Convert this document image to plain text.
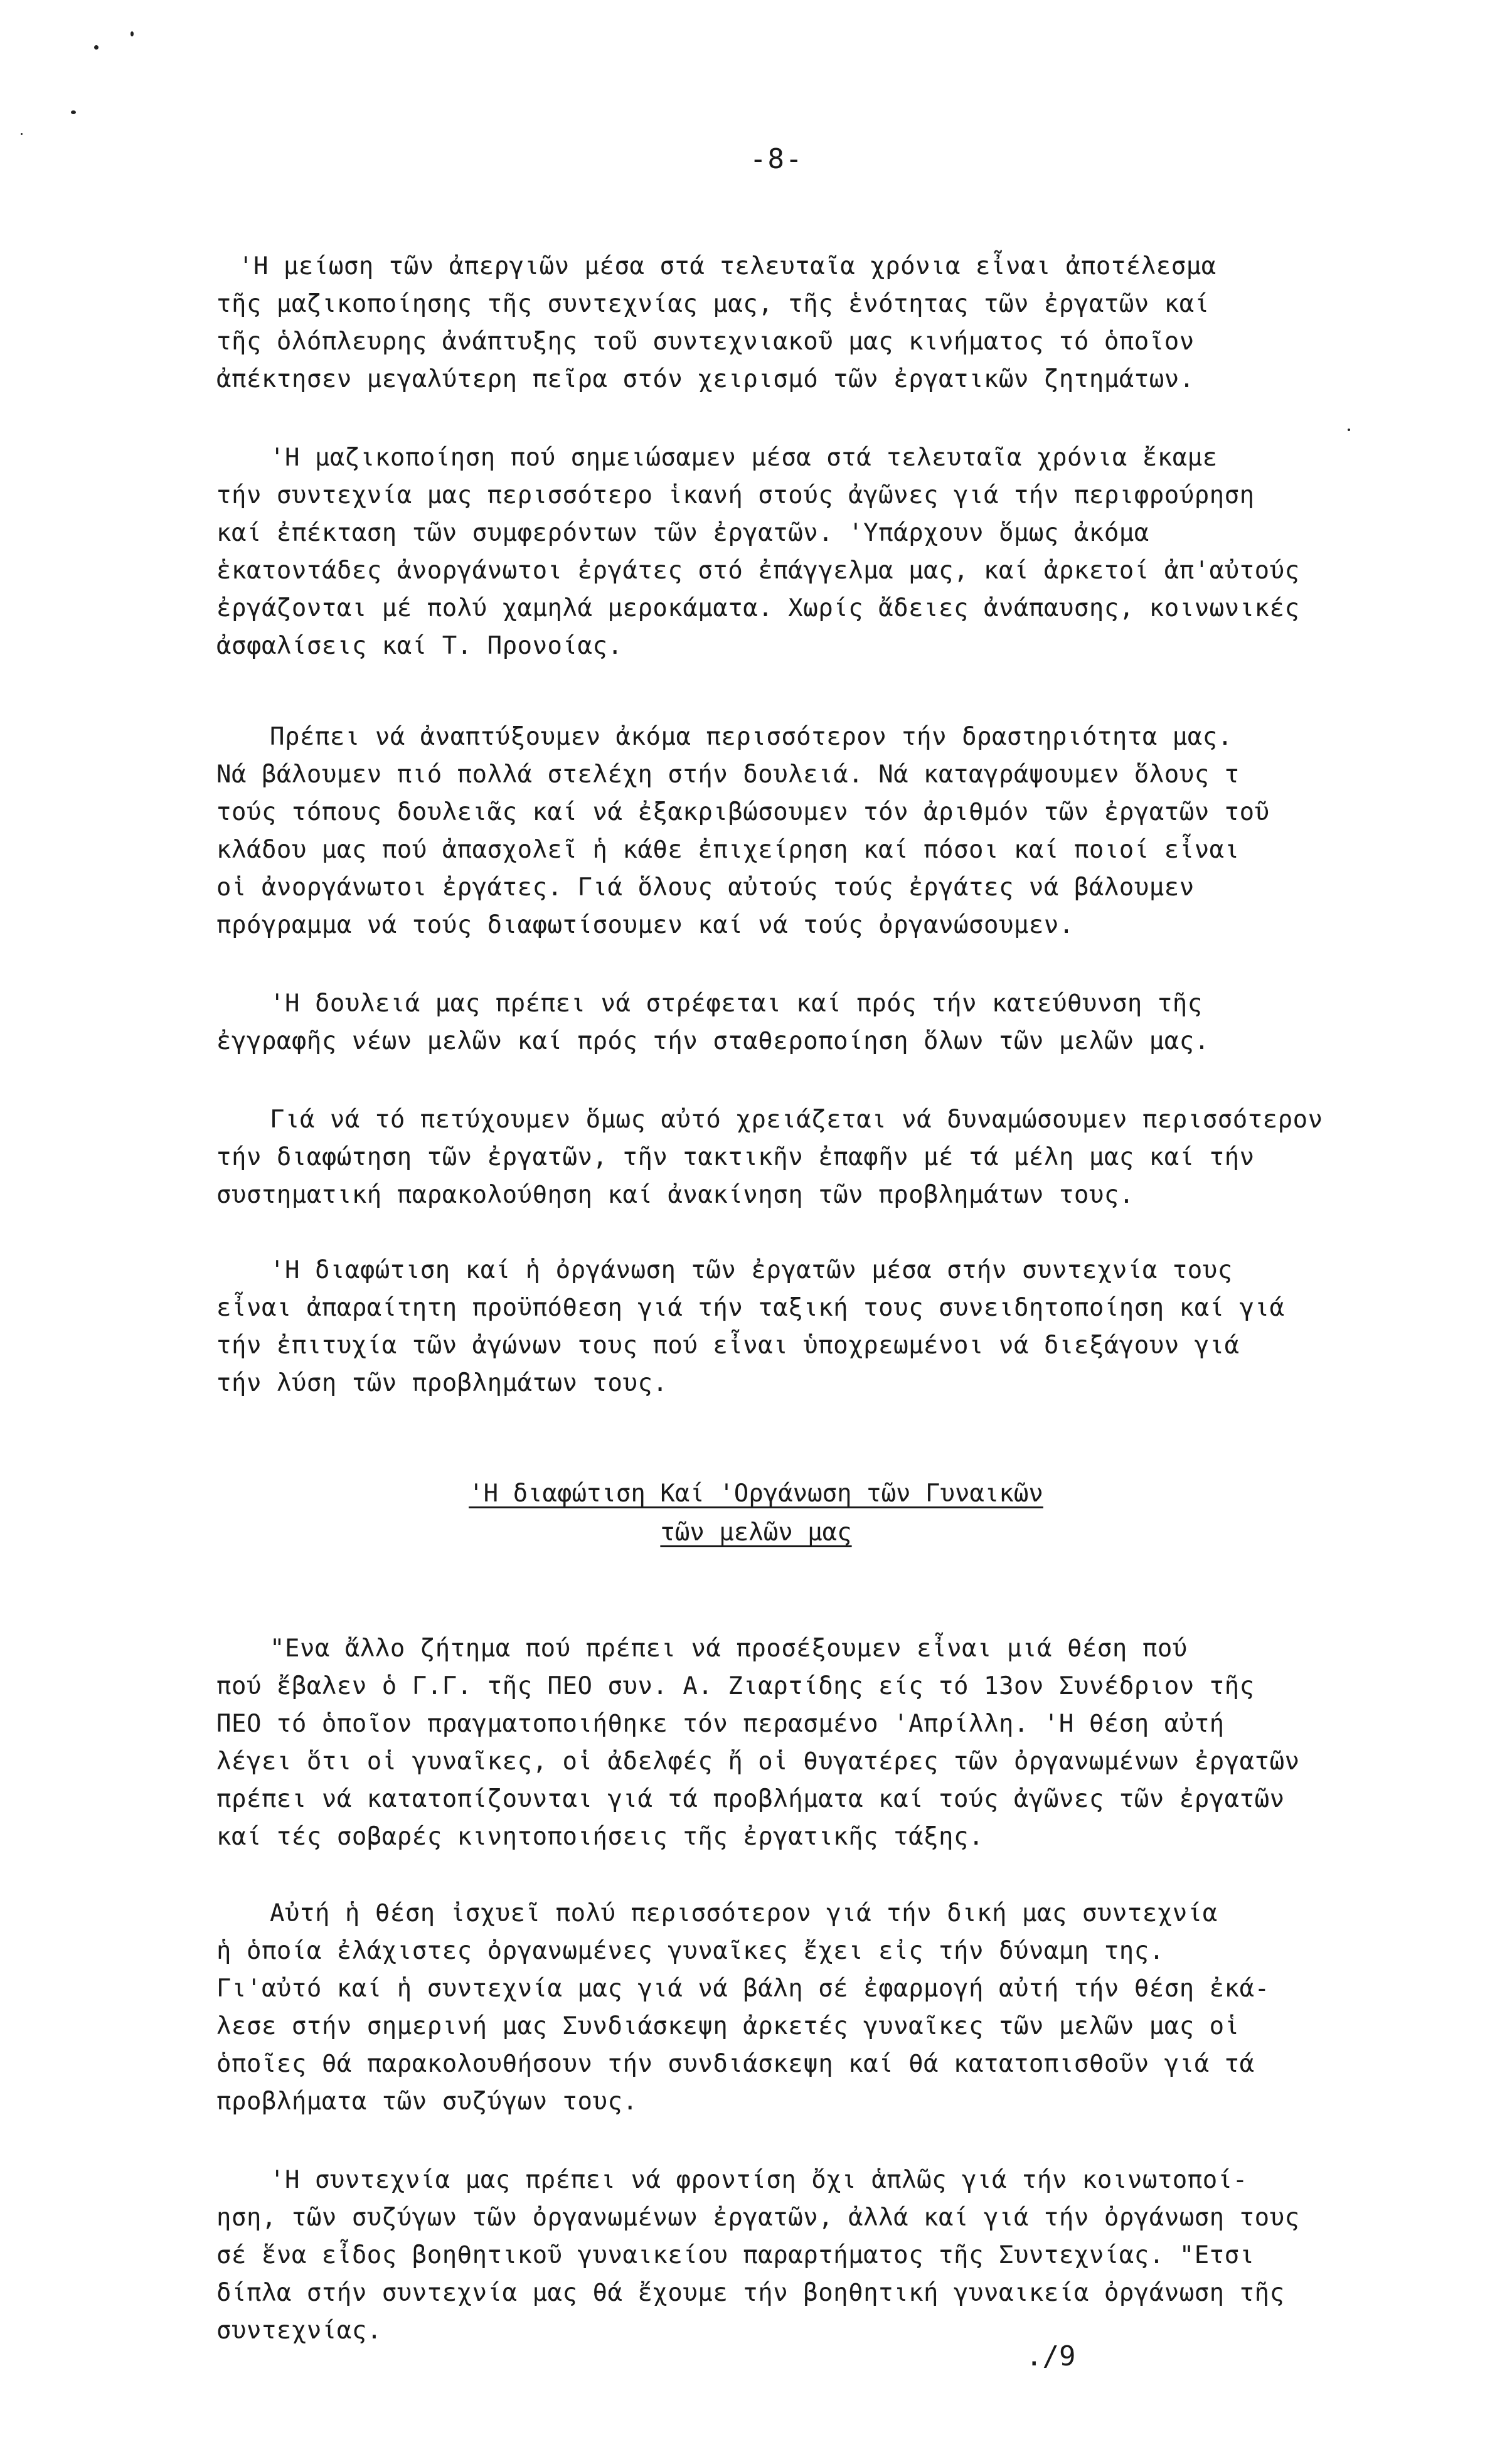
-8-
'Η μείωση τῶν ἀπεργιῶν μέσα στά τελευταῖα χρόνια εἶναι ἀποτέλεσμα
τῆς μαζικοποίησης τῆς συντεχνίας μας, τῆς ἑνότητας τῶν ἐργατῶν καί
τῆς ὁλόπλευρης ἀνάπτυξης τοῦ συντεχνιακοῦ μας κινήματος τό ὁποῖον
ἀπέκτησεν μεγαλύτερη πεῖρα στόν χειρισμό τῶν ἐργατικῶν ζητημάτων.
'Η μαζικοποίηση πού σημειώσαμεν μέσα στά τελευταῖα χρόνια ἔκαμε
τήν συντεχνία μας περισσότερο ἱκανή στούς ἀγῶνες γιά τήν περιφρούρηση
καί ἐπέκταση τῶν συμφερόντων τῶν ἐργατῶν. 'Υπάρχουν ὅμως ἀκόμα
ἑκατοντάδες ἀνοργάνωτοι ἐργάτες στό ἐπάγγελμα μας, καί ἀρκετοί ἀπ'αὐτούς
ἐργάζονται μέ πολύ χαμηλά μεροκάματα. Χωρίς ἄδειες ἀνάπαυσης, κοινωνικές
ἀσφαλίσεις καί Τ. Προνοίας.
Πρέπει νά ἀναπτύξουμεν ἀκόμα περισσότερον τήν δραστηριότητα μας.
Νά βάλουμεν πιό πολλά στελέχη στήν δουλειά. Νά καταγράψουμεν ὅλους τ
τούς τόπους δουλειᾶς καί νά ἐξακριβώσουμεν τόν ἀριθμόν τῶν ἐργατῶν τοῦ
κλάδου μας πού ἀπασχολεῖ ἡ κάθε ἐπιχείρηση καί πόσοι καί ποιοί εἶναι
οἱ ἀνοργάνωτοι ἐργάτες. Γιά ὅλους αὐτούς τούς ἐργάτες νά βάλουμεν
πρόγραμμα νά τούς διαφωτίσουμεν καί νά τούς ὀργανώσουμεν.
'Η δουλειά μας πρέπει νά στρέφεται καί πρός τήν κατεύθυνση τῆς
ἐγγραφῆς νέων μελῶν καί πρός τήν σταθεροποίηση ὅλων τῶν μελῶν μας.
Γιά νά τό πετύχουμεν ὅμως αὐτό χρειάζεται νά δυναμώσουμεν περισσότερον
τήν διαφώτηση τῶν ἐργατῶν, τῆν τακτικῆν ἐπαφῆν μέ τά μέλη μας καί τήν
συστηματική παρακολούθηση καί ἀνακίνηση τῶν προβλημάτων τους.
'Η διαφώτιση καί ἡ ὀργάνωση τῶν ἐργατῶν μέσα στήν συντεχνία τους
εἶναι ἀπαραίτητη προϋπόθεση γιά τήν ταξική τους συνειδητοποίηση καί γιά
τήν ἐπιτυχία τῶν ἀγώνων τους πού εἶναι ὑποχρεωμένοι νά διεξάγουν γιά
τήν λύση τῶν προβλημάτων τους.
'Η διαφώτιση Καί 'Οργάνωση τῶν Γυναικῶν
τῶν μελῶν μας
"Ενα ἄλλο ζήτημα πού πρέπει νά προσέξουμεν εἶναι μιά θέση πού
πού ἔβαλεν ὁ Γ.Γ. τῆς ΠΕΟ συν. Α. Ζιαρτίδης είς τό 13ον Συνέδριον τῆς
ΠΕΟ τό ὁποῖον πραγματοποιήθηκε τόν περασμένο 'Απρίλλη. 'Η θέση αὐτή
λέγει ὅτι οἱ γυναῖκες, οἱ ἀδελφές ἤ οἱ θυγατέρες τῶν ὀργανωμένων ἐργατῶν
πρέπει νά κατατοπίζουνται γιά τά προβλήματα καί τούς ἀγῶνες τῶν ἐργατῶν
καί τές σοβαρές κινητοποιήσεις τῆς ἐργατικῆς τάξης.
Αὐτή ἡ θέση ἰσχυεῖ πολύ περισσότερον γιά τήν δική μας συντεχνία
ἡ ὁποία ἐλάχιστες ὀργανωμένες γυναῖκες ἔχει εἰς τήν δύναμη της.
Γι'αὐτό καί ἡ συντεχνία μας γιά νά βάλη σέ ἐφαρμογή αὐτή τήν θέση ἐκά-
λεσε στήν σημερινή μας Συνδιάσκεψη ἀρκετές γυναῖκες τῶν μελῶν μας οἱ
ὁποῖες θά παρακολουθήσουν τήν συνδιάσκεψη καί θά κατατοπισθοῦν γιά τά
προβλήματα τῶν συζύγων τους.
'Η συντεχνία μας πρέπει νά φροντίση ὄχι ἁπλῶς γιά τήν κοινωτοποί-
ηση, τῶν συζύγων τῶν ὀργανωμένων ἐργατῶν, ἀλλά καί γιά τήν ὀργάνωση τους
σέ ἕνα εἶδος βοηθητικοῦ γυναικείου παραρτήματος τῆς Συντεχνίας. "Ετσι
δίπλα στήν συντεχνία μας θά ἔχουμε τήν βοηθητική γυναικεία ὀργάνωση τῆς
συντεχνίας.
./9
